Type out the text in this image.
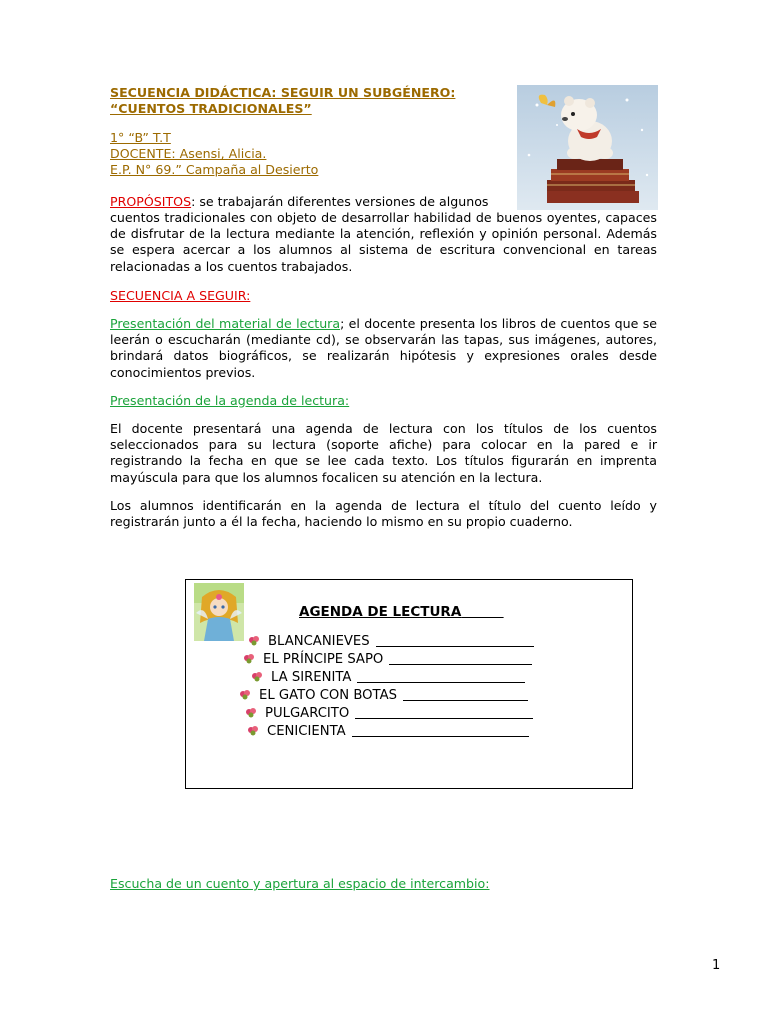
SECUENCIA DIDÁCTICA: SEGUIR UN SUBGÉNERO:
“CUENTOS TRADICIONALES”
1° “B” T.T
DOCENTE: Asensi, Alicia.
E.P. N° 69.” Campaña al Desierto

PROPÓSITOS: se trabajarán diferentes versiones de algunos

cuentos tradicionales con objeto de desarrollar habilidad de buenos oyentes, capaces de disfrutar de la lectura mediante la atención, reflexión y opinión personal. Además se espera acercar a los alumnos al sistema de escritura convencional en tareas relacionadas a los cuentos trabajados.

SECUENCIA A SEGUIR:

Presentación del material de lectura; el docente presenta los libros de cuentos que se leerán o escucharán (mediante cd), se observarán las tapas, sus imágenes, autores, brindará datos biográficos, se realizarán hipótesis y expresiones orales desde conocimientos previos.

Presentación de la agenda de lectura:

El docente presentará una agenda de lectura con los títulos de los cuentos seleccionados para su lectura (soporte afiche) para colocar en la pared e ir registrando la fecha en que se lee cada texto. Los títulos figurarán en imprenta mayúscula para que los alumnos focalicen su atención en la lectura.

Los alumnos identificarán en la agenda de lectura el título del cuento leído y registrarán junto a él la fecha, haciendo lo mismo en su propio cuaderno.

AGENDA DE LECTURA
BLANCANIEVES
EL PRÍNCIPE SAPO
LA SIRENITA
EL GATO CON BOTAS
PULGARCITO
CENICIENTA
Escucha de un cuento y apertura al espacio de intercambio:
1
